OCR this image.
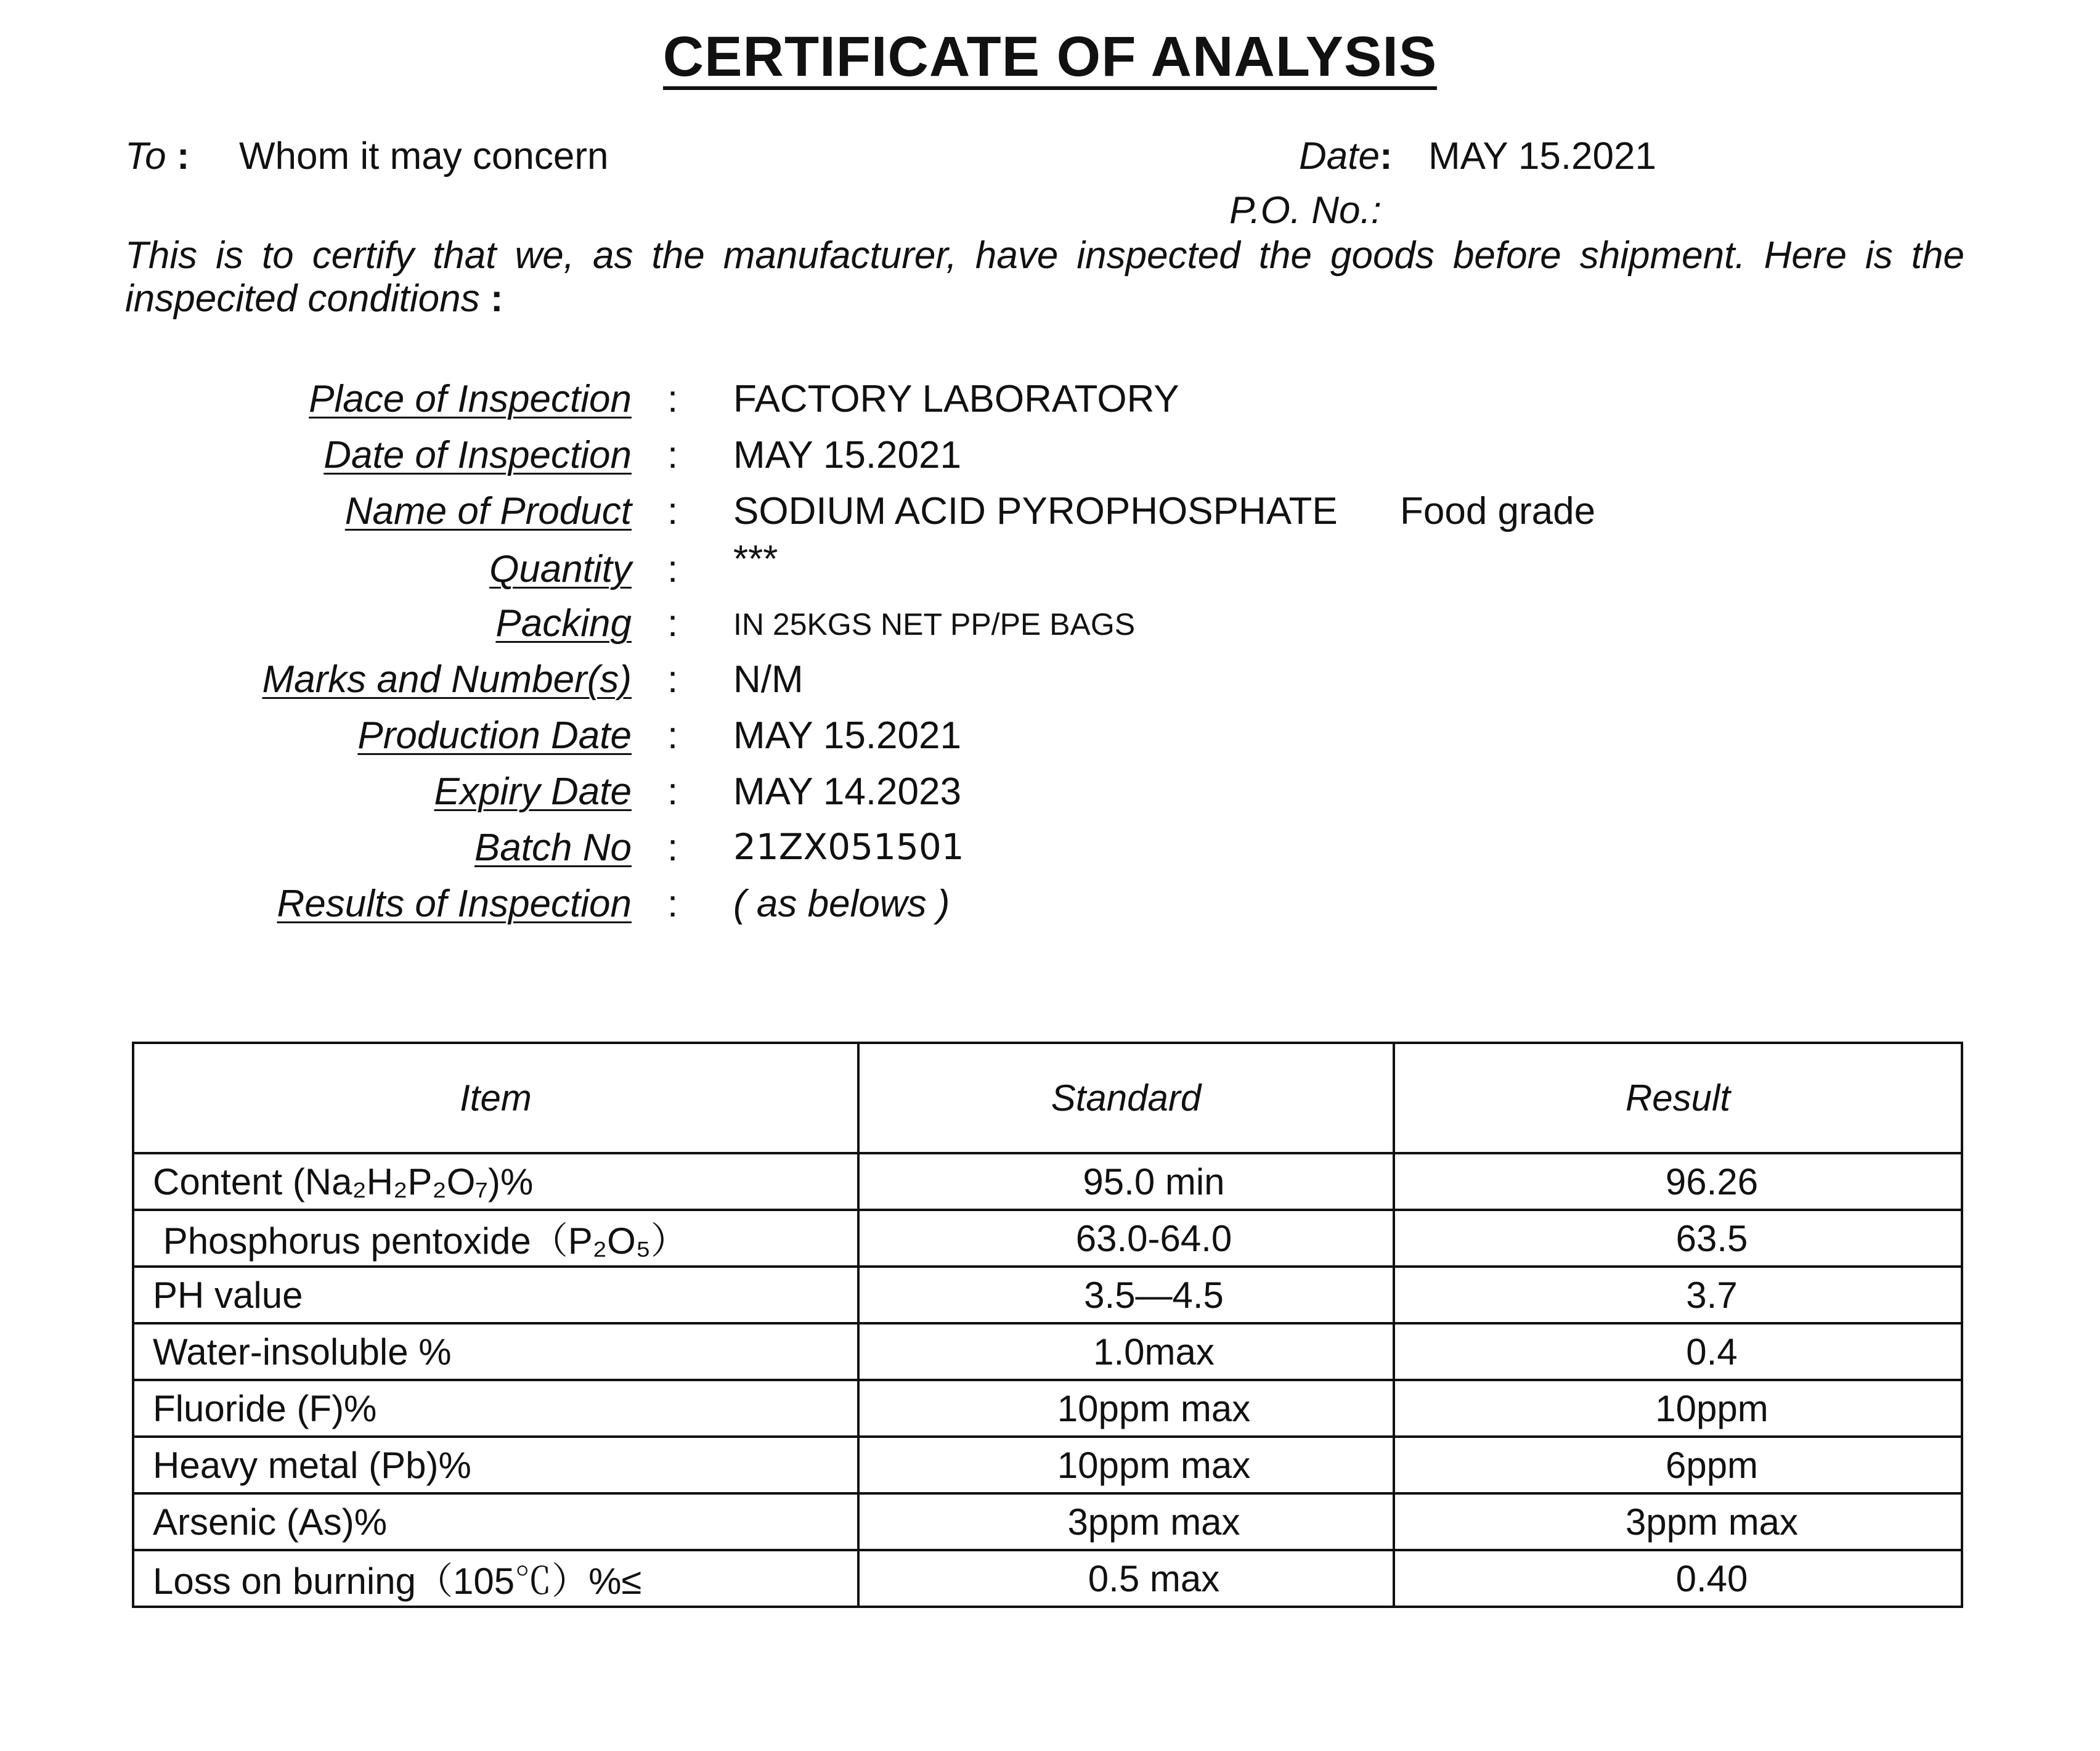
CERTIFICATE OF ANALYSIS
To : Whom it may concern	Date: MAY 15.2021
P.O. No.:
This is to certify that we, as the manufacturer, have inspected the goods before shipment. Here is the inspecited conditions :
Place of Inspection : FACTORY LABORATORY
Date of Inspection : MAY 15.2021
Name of Product : SODIUM ACID PYROPHOSPHATE Food grade
Quantity : ***
Packing : IN 25KGS NET PP/PE BAGS
Marks and Number(s) : N/M
Production Date : MAY 15.2021
Expiry Date : MAY 14.2023
Batch No : 21ZX051501
Results of Inspection : ( as belows )
Item	Standard	Result
Content (Na₂H₂P₂O₇)%	95.0 min	96.26
Phosphorus pentoxide（P₂O₅）	63.0-64.0	63.5
PH value	3.5—4.5	3.7
Water-insoluble %	1.0max	0.4
Fluoride (F)%	10ppm max	10ppm
Heavy metal (Pb)%	10ppm max	6ppm
Arsenic (As)%	3ppm max	3ppm max
Loss on burning（105℃）%≤	0.5 max	0.40
